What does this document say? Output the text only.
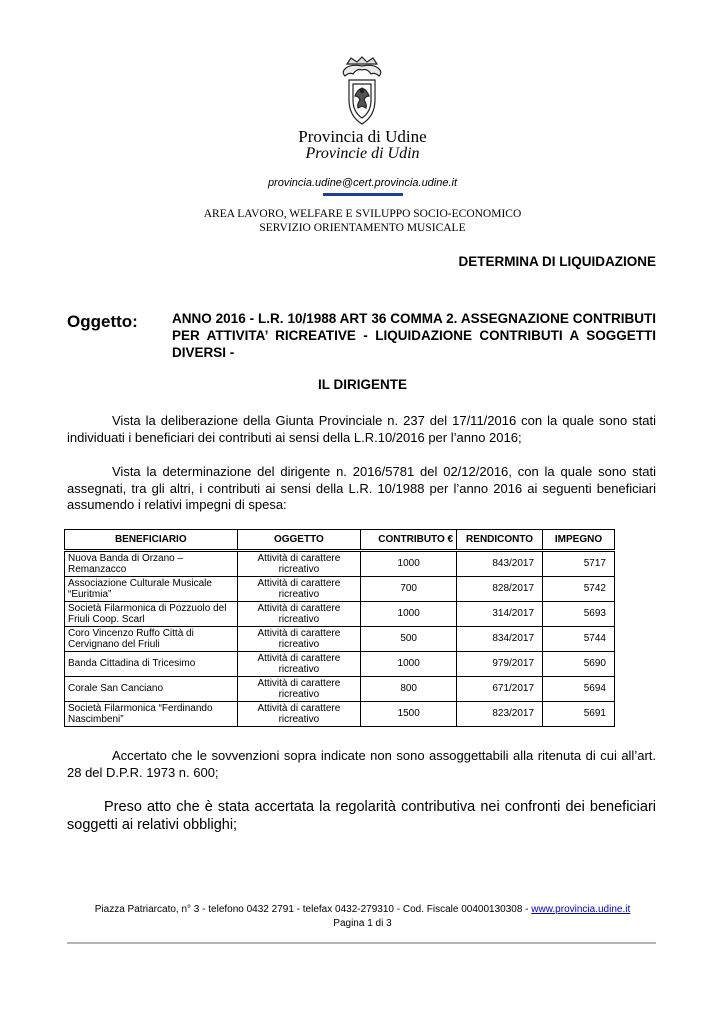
Provincia di Udine
Provincie di Udin
provincia.udine@cert.provincia.udine.it
AREA LAVORO, WELFARE E SVILUPPO SOCIO-ECONOMICO
SERVIZIO ORIENTAMENTO MUSICALE
DETERMINA DI LIQUIDAZIONE
Oggetto:	ANNO 2016 - L.R. 10/1988 ART 36 COMMA 2. ASSEGNAZIONE CONTRIBUTI PER ATTIVITA’ RICREATIVE - LIQUIDAZIONE CONTRIBUTI A SOGGETTI DIVERSI -
IL DIRIGENTE
Vista la deliberazione della Giunta Provinciale n. 237 del 17/11/2016 con la quale sono stati individuati i beneficiari dei contributi ai sensi della L.R.10/2016 per l’anno 2016;
Vista la determinazione del dirigente n. 2016/5781 del 02/12/2016, con la quale sono stati assegnati, tra gli altri, i contributi ai sensi della L.R. 10/1988 per l’anno 2016 ai seguenti beneficiari assumendo i relativi impegni di spesa:
BENEFICIARIO	OGGETTO	CONTRIBUTO €	RENDICONTO	IMPEGNO
Nuova Banda di Orzano – Remanzacco	Attività di carattere ricreativo	1000	843/2017	5717
Associazione Culturale Musicale “Euritmia”	Attività di carattere ricreativo	700	828/2017	5742
Società Filarmonica di Pozzuolo del Friuli Coop. Scarl	Attività di carattere ricreativo	1000	314/2017	5693
Coro Vincenzo Ruffo Città di Cervignano del Friuli	Attività di carattere ricreativo	500	834/2017	5744
Banda Cittadina di Tricesimo	Attività di carattere ricreativo	1000	979/2017	5690
Corale San Canciano	Attività di carattere ricreativo	800	671/2017	5694
Società Filarmonica “Ferdinando Nascimbeni”	Attività di carattere ricreativo	1500	823/2017	5691
Accertato che le sovvenzioni sopra indicate non sono assoggettabili alla ritenuta di cui all’art. 28 del D.P.R. 1973 n. 600;
Preso atto che è stata accertata la regolarità contributiva nei confronti dei beneficiari soggetti ai relativi obblighi;
Piazza Patriarcato, n° 3 - telefono 0432 2791 - telefax 0432-279310 - Cod. Fiscale 00400130308 - www.provincia.udine.it
Pagina 1 di 3
